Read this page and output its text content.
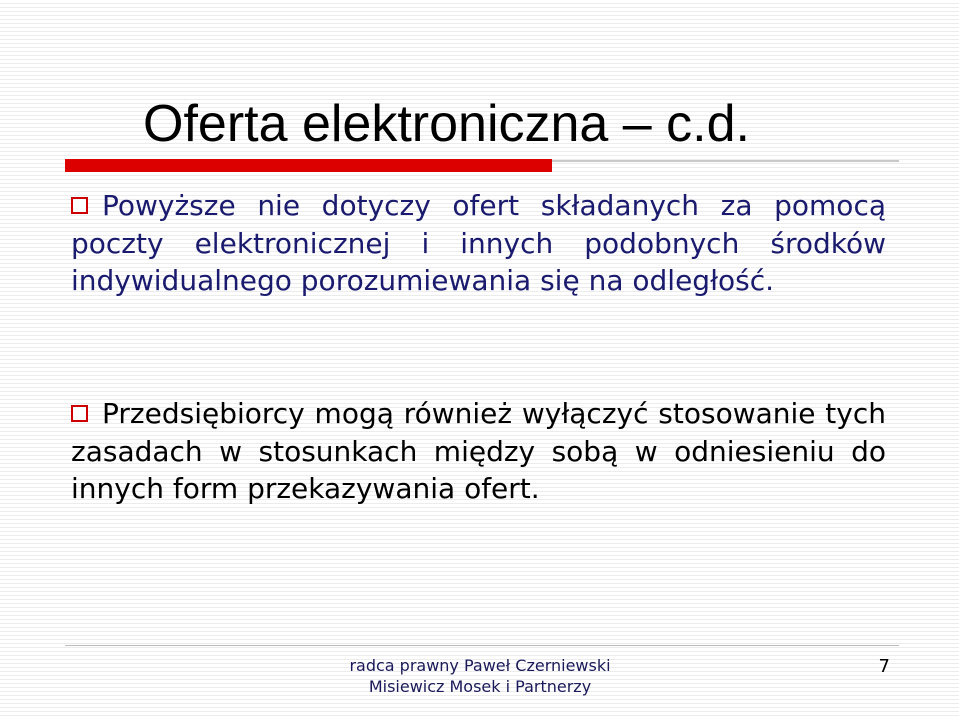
Oferta elektroniczna – c.d.

Powyższe nie dotyczy ofert składanych za pomocą poczty elektronicznej i innych podobnych środków indywidualnego porozumiewania się na odległość.

Przedsiębiorcy mogą również wyłączyć stosowanie tych zasadach w stosunkach między sobą w odniesieniu do innych form przekazywania ofert.

radca prawny Paweł Czerniewski
Misiewicz Mosek i Partnerzy
7
